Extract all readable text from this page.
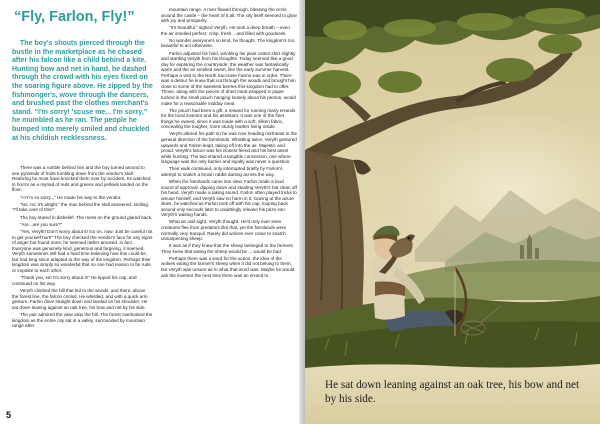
“Fly, Farlon, Fly!”
The boy's shouts pierced through the bustle in the marketplace as he chased after his falcon like a child behind a kite. Hunting bow and net in hand, he dashed through the crowd with his eyes fixed on the soaring figure above. He zipped by the fishmonger's, wove through the dancers, and brushed past the clothes merchant's stand. “I'm sorry! 'scuse me... I'm sorry,” he mumbled as he ran. The people he bumped into merely smiled and chuckled at his childish recklessness.

There was a rumble behind him and the boy turned around to see pyramids of fruits tumbling down from the vendor's stall. Realizing he must have knocked them over by accident, he watched in horror as a myriad of reds and greens and yellows landed on the floor.

“I-I-I'm so sorry...” He made his way to the vendor.

“No, no; it's alright,” the man behind the stall answered, smiling. “I'll take care of this!”

The boy stared in disbelief. The mess on the ground glared back.

“Are...are you sure?”

“Yes, Veryth! Don't worry about it! Go on, now. Just be careful not to get yourself hurt!” The boy checked the vendor's face for any signs of anger but found none; he seemed rather amused, in fact. Everyone was genuinely kind, generous and forgiving, it seemed. Veryth sometimes still had a hard time believing how this could be, but had long since adapted to the way of the kingdom. Perhaps their kingdom was simply so wonderful that no one had reason to be rude or impolite to each other.

“Thank you, sir! I'm sorry about it!” He tipped his cap, and continued on his way.

Veryth climbed the hill that led to the woods, and there, above the forest line, the falcon circled. He whistled, and with a quick arm gesture, Farlon dove straight down and landed on his shoulder. He sat down leaning against an oak tree, his bow and net by his side.

The pair admired the view atop the hill. The forest overlooked the kingdom as the entire city sat in a valley, surrounded by mountain range after

mountain range. A river flowed through, blessing the circle around the castle – the heart of it all. The city itself seemed to glow with joy and prosperity.

“It's beautiful,” sighed Veryth. He took a deep breath – even the air smelled perfect: crisp, fresh... and filled with goodness.

No wonder everyone's so kind, he thought. The kingdom's too beautiful to act otherwise.

Farlon adjusted his hold, wrinkling his plain cotton shirt slightly and startling Veryth from his thoughts. Today seemed like a good day for exploring the countryside; the weather was fantastically warm and the air smelled sweet, like the early summer harvest. Perhaps a visit to the North Succrase Farms was in order. There was a detour he knew that cut through the woods and brought him close to some of the sweetest berries this kingdom had to offer. Those, along with the pieces of dried meat wrapped in paper tucked in the small pouch hanging loosely about his person, would make for a reasonable midday meal.

The pouch had been a gift, a reward for running many errands for the local inventor and his assistant. It was one of the finer things he owned, since it was made with a soft, silken fabric, concealing the tougher, more sturdy leather lining inside.

Veryth altered his path so he was now heading northeast in the general direction of the farmlands. Whistling twice, Veryth gestured upwards and Farlon leapt, taking off into the air. Majestic and proud, Veryth's falcon was his closest friend and his best asset while hunting. The two shared a tangible connection, one where language was the only barrier and loyalty was never a question.

Their walk continued, only interrupted briefly by Farlon's attempt to snatch a brown rabbit darting across the way.

When the farmlands came into view, Farlon made a loud sound of approval, dipping down and stealing Veryth's hat clean off his head. Veryth made a taking sound. Farlon often played tricks to amuse himself, and Veryth saw no harm in it. Gazing at the azure skies, he watched as Farlon took off with his cap, looping back around only seconds later to unwittingly release his prize into Veryth's waiting hands.

What an odd sight, Veryth thought. He'd only ever seen creatures flee from predators like that, yet the farmlands were normally very tranquil. Rarely did wolves ever come to snatch unsuspecting sheep.

It was as if they knew that the sheep belonged to the farmers. They knew that eating the sheep would be ... would be bad.

Perhaps there was a word for the action, the idea of the wolves eating the farmer's sheep when it did not belong to them, but Veryth was unsure as to what that word was. Maybe he would ask the inventor the next time there was an errand to

5
He sat down leaning against an oak tree, his bow and net by his side.
6
